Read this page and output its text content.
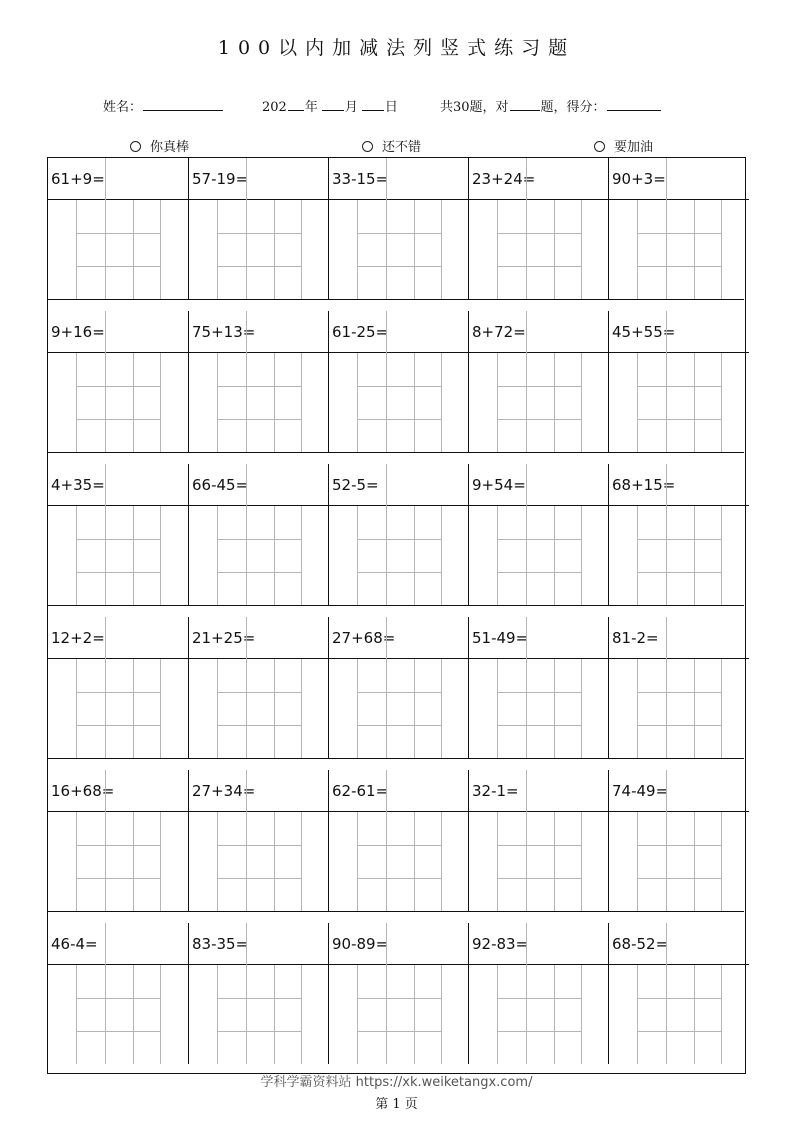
100以内加减法列竖式练习题
姓名：	202 年 月 日	共30题，对 题，得分：
你真棒	还不错	要加油
61+9=	57-19=	33-15=	23+24=	90+3=
9+16=	75+13=	61-25=	8+72=	45+55=
4+35=	66-45=	52-5=	9+54=	68+15=
12+2=	21+25=	27+68=	51-49=	81-2=
16+68=	27+34=	62-61=	32-1=	74-49=
46-4=	83-35=	90-89=	92-83=	68-52=
学科学霸资料站 https://xk.weiketangx.com/
第 1 页
